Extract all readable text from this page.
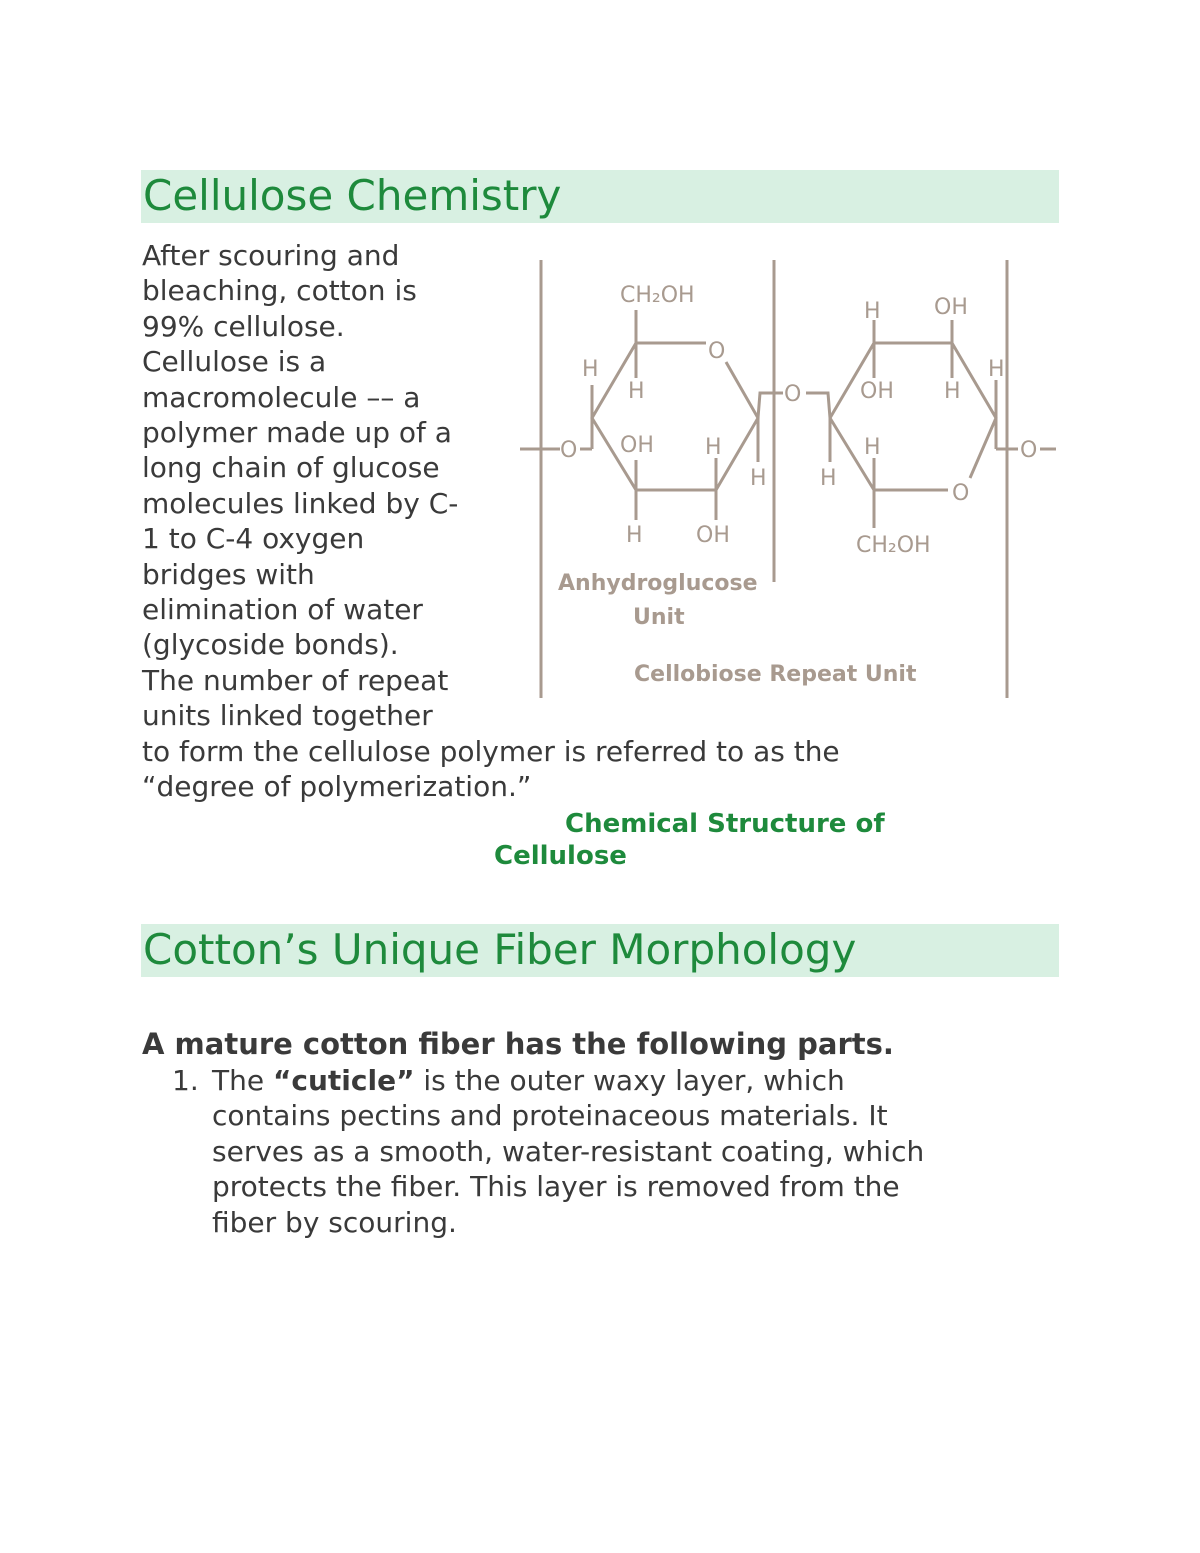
Cellulose Chemistry
After scouring and
bleaching, cotton is
99% cellulose.
Cellulose is a
macromolecule –– a
polymer made up of a
long chain of glucose
molecules linked by C-
1 to C-4 oxygen
bridges with
elimination of water
(glycoside bonds).
The number of repeat
units linked together
to form the cellulose polymer is referred to as the
“degree of polymerization.”
CH₂OH
O
H
H
OH H
H
H OH
O
O
H OH
OH H
H
H
H
O
CH₂OH
O
Anhydroglucose
Unit
Cellobiose Repeat Unit
Chemical Structure of
Cellulose
Cotton’s Unique Fiber Morphology
A mature cotton fiber has the following parts.
1. The “cuticle” is the outer waxy layer, which
contains pectins and proteinaceous materials. It
serves as a smooth, water-resistant coating, which
protects the fiber. This layer is removed from the
fiber by scouring.
